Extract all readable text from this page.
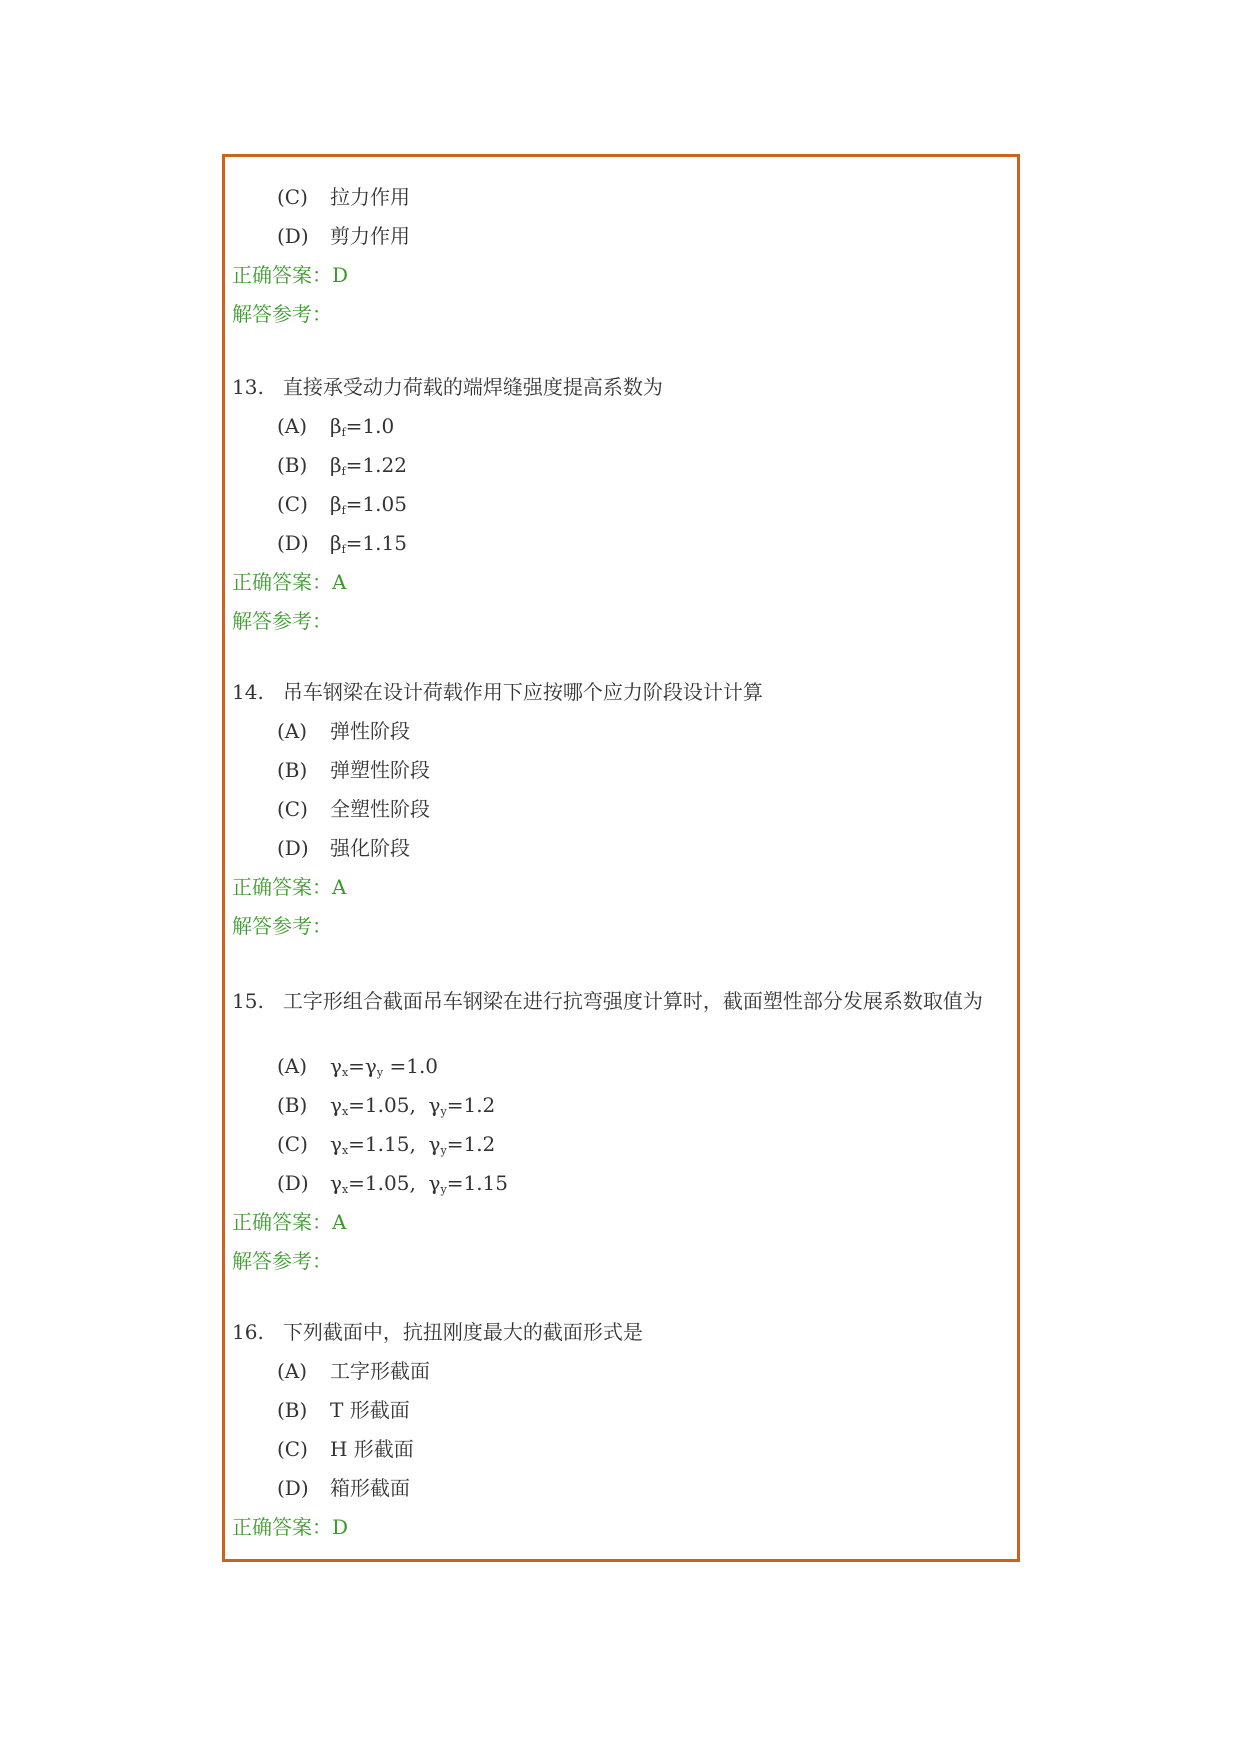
(C) 拉力作用
(D) 剪力作用
正确答案：D
解答参考：
13. 直接承受动力荷载的端焊缝强度提高系数为
(A) $\beta_f=1.0$
(B) $\beta_f=1.22$
(C) $\beta_f=1.05$
(D) $\beta_f=1.15$
正确答案：A
解答参考：
14. 吊车钢梁在设计荷载作用下应按哪个应力阶段设计计算
(A) 弹性阶段
(B) 弹塑性阶段
(C) 全塑性阶段
(D) 强化阶段
正确答案：A
解答参考：
15. 工字形组合截面吊车钢梁在进行抗弯强度计算时，截面塑性部分发展系数取值为
(A) $\gamma_x=\gamma_y =1.0$
(B) $\gamma_x=1.05$,  $\gamma_y=1.2$
(C) $\gamma_x=1.15$,  $\gamma_y=1.2$
(D) $\gamma_x=1.05$,  $\gamma_y=1.15$
正确答案：A
解答参考：
16. 下列截面中，抗扭刚度最大的截面形式是
(A) 工字形截面
(B) T 形截面
(C) H 形截面
(D) 箱形截面
正确答案：D
